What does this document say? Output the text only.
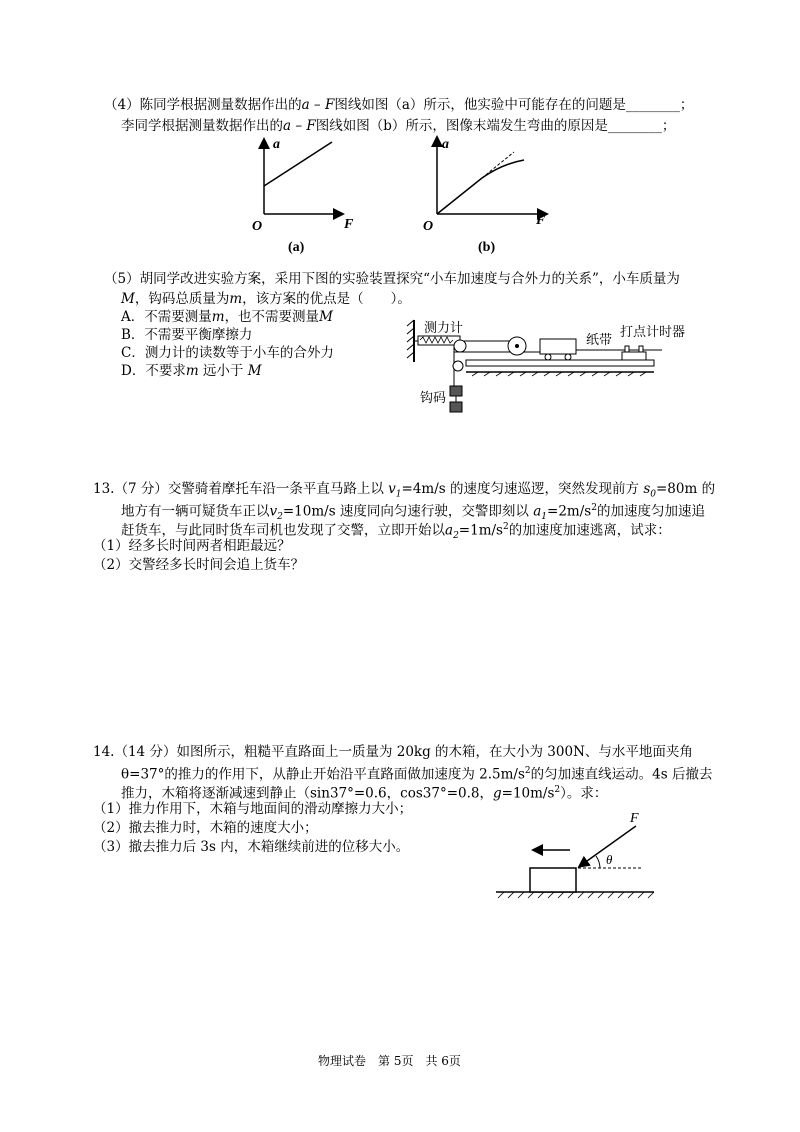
（4）陈同学根据测量数据作出的a – F图线如图（a）所示，他实验中可能存在的问题是________；
李同学根据测量数据作出的a – F图线如图（b）所示，图像末端发生弯曲的原因是________；
a
F
O
(a)
a
F
O
(b)
（5）胡同学改进实验方案，采用下图的实验装置探究“小车加速度与合外力的关系”，小车质量为
M，钩码总质量为m，该方案的优点是（　　）。
A．不需要测量m，也不需要测量M
B．不需要平衡摩擦力
C．测力计的读数等于小车的合外力
D．不要求m 远小于 M
测力计
纸带
打点计时器
钩码
13.（7 分）交警骑着摩托车沿一条平直马路上以 $v_1=4m/s$ 的速度匀速巡逻，突然发现前方 $s_0=80m$ 的
地方有一辆可疑货车正以$v_2=10m/s$ 速度同向匀速行驶，交警即刻以 $a_1=2m/s^2$的加速度匀加速追
赶货车，与此同时货车司机也发现了交警，立即开始以$a_2=1m/s^2$的加速度加速逃离，试求：
（1）经多长时间两者相距最远？
（2）交警经多长时间会追上货车？
14.（14 分）如图所示，粗糙平直路面上一质量为 20kg 的木箱，在大小为 300N、与水平地面夹角
θ=37°的推力的作用下，从静止开始沿平直路面做加速度为 $2.5m/s^2$的匀加速直线运动。4s 后撤去
推力，木箱将逐渐减速到静止（sin37°=0.6，cos37°=0.8，$g=10m/s^2$）。求：
（1）推力作用下，木箱与地面间的滑动摩擦力大小；
（2）撤去推力时，木箱的速度大小；
（3）撤去推力后 3s 内，木箱继续前进的位移大小。
F
θ
物理试卷　第 5页　共 6页
